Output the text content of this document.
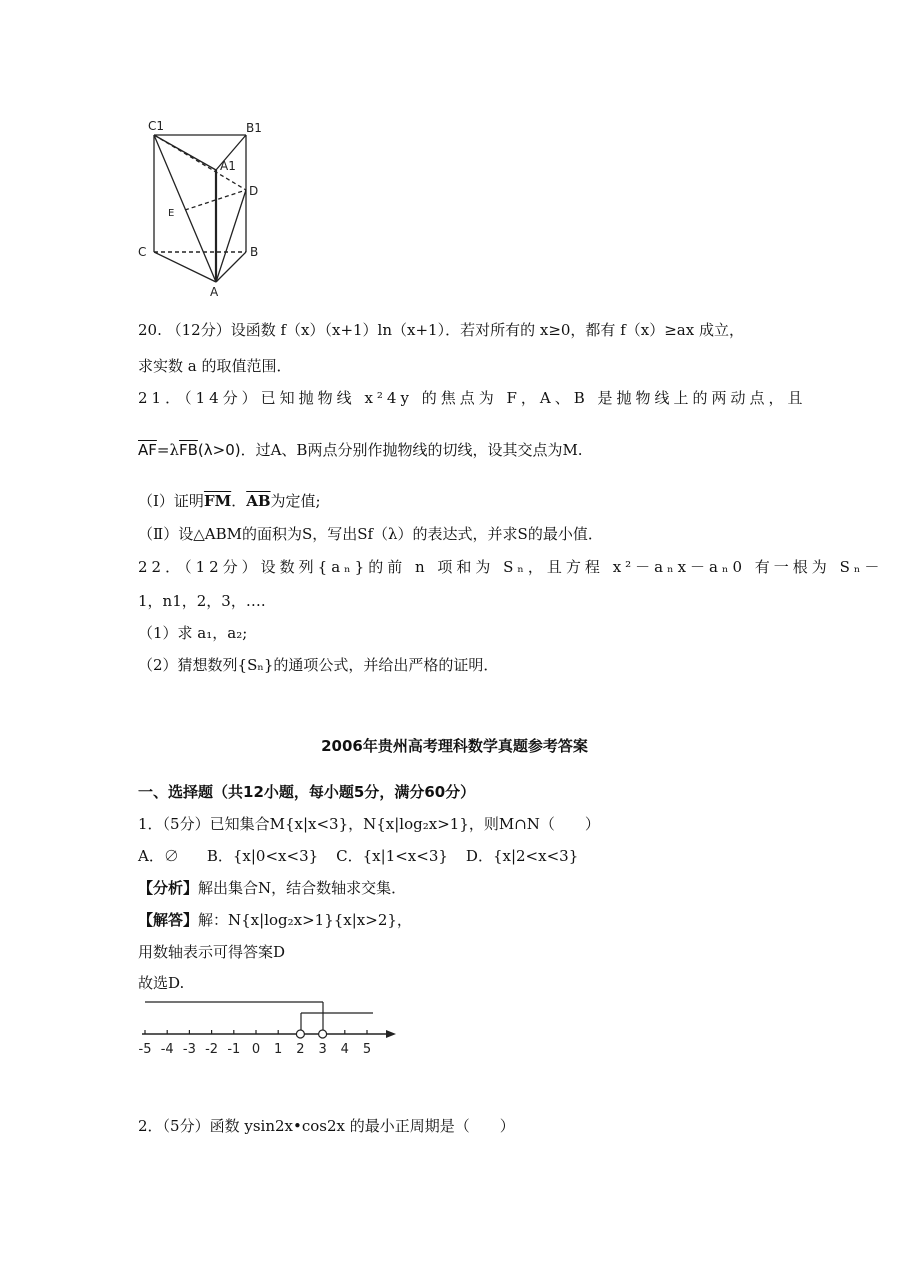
C1	B1
A1
D
E
C	B
A
20. （12分）设函数 f（x）（x+1）ln（x+1）．若对所有的 x≥0，都有 f（x）≥ax 成立，
求实数 a 的取值范围．
21．（14分）已知抛物线 x²4y 的焦点为 F，A、B 是抛物线上的两动点，且
$\overline{AF}=\lambda\overline{FB}(\lambda>0)$．过A、B两点分别作抛物线的切线，设其交点为M.
（Ⅰ）证明$\overline{FM}$．$\overline{AB}$为定值;
（Ⅱ）设△ABM的面积为S，写出Sf（λ）的表达式，并求S的最小值．
22．（12分）设数列{aₙ}的前 n 项和为 Sₙ，且方程 x²－aₙx－aₙ0 有一根为 Sₙ－
1，n1，2，3，….
（1）求 a₁，a₂;
（2）猜想数列{Sₙ}的通项公式，并给出严格的证明．
2006年贵州高考理科数学真题参考答案
一、选择题（共12小题，每小题5分，满分60分）
1．（5分）已知集合M{x|x<3}，N{x|log₂x>1}，则M∩N（　　）
A．∅ B．{x|0<x<3} C．{x|1<x<3} D．{x|2<x<3}
【分析】解出集合N，结合数轴求交集．
【解答】解：N{x|log₂x>1}{x|x>2}，
用数轴表示可得答案D
故选D.
-5 -4 -3 -2 -1 0 1 2 3 4 5
2．（5分）函数 ysin2x•cos2x 的最小正周期是（　　）
